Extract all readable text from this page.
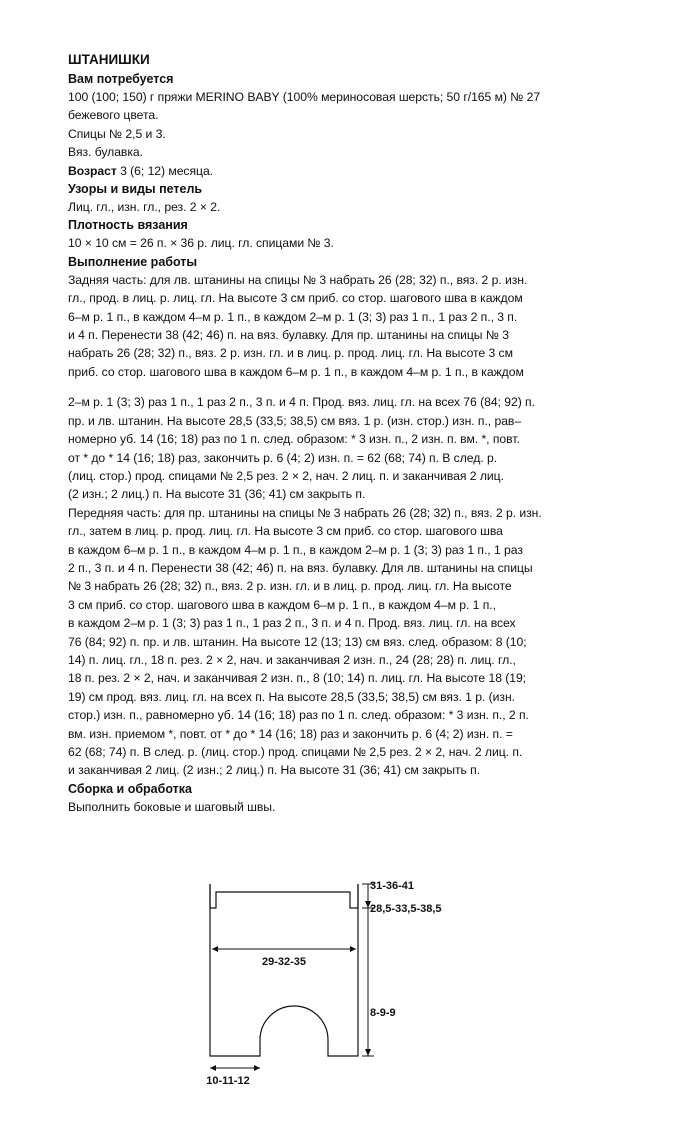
ШТАНИШКИ

Вам потребуется

100 (100; 150) г пряжи MERINO BABY (100% мериносовая шерсть; 50 г/165 м) № 27
бежевого цвета.
Спицы № 2,5 и 3.
Вяз. булавка.

Возраст 3 (6; 12) месяца.

Узоры и виды петель

Лиц. гл., изн. гл., рез. 2 × 2.

Плотность вязания

10 × 10 см = 26 п. × 36 р. лиц. гл. спицами № 3.

Выполнение работы

Задняя часть: для лв. штанины на спицы № 3 набрать 26 (28; 32) п., вяз. 2 р. изн.
гл., прод. в лиц. р. лиц. гл. На высоте 3 см приб. со стор. шагового шва в каждом
6–м р. 1 п., в каждом 4–м р. 1 п., в каждом 2–м р. 1 (3; 3) раз 1 п., 1 раз 2 п., 3 п.
и 4 п. Перенести 38 (42; 46) п. на вяз. булавку. Для пр. штанины на спицы № 3
набрать 26 (28; 32) п., вяз. 2 р. изн. гл. и в лиц. р. прод. лиц. гл. На высоте 3 см
приб. со стор. шагового шва в каждом 6–м р. 1 п., в каждом 4–м р. 1 п., в каждом
2–м р. 1 (3; 3) раз 1 п., 1 раз 2 п., 3 п. и 4 п. Прод. вяз. лиц. гл. на всех 76 (84; 92) п.
пр. и лв. штанин. На высоте 28,5 (33,5; 38,5) см вяз. 1 р. (изн. стор.) изн. п., рав–
номерно уб. 14 (16; 18) раз по 1 п. след. образом: * 3 изн. п., 2 изн. п. вм. *, повт.
от * до * 14 (16; 18) раз, закончить р. 6 (4; 2) изн. п. = 62 (68; 74) п. В след. р.
(лиц. стор.) прод. спицами № 2,5 рез. 2 × 2, нач. 2 лиц. п. и заканчивая 2 лиц.
(2 изн.; 2 лиц.) п. На высоте 31 (36; 41) см закрыть п.
Передняя часть: для пр. штанины на спицы № 3 набрать 26 (28; 32) п., вяз. 2 р. изн.
гл., затем в лиц. р. прод. лиц. гл. На высоте 3 см приб. со стор. шагового шва
в каждом 6–м р. 1 п., в каждом 4–м р. 1 п., в каждом 2–м р. 1 (3; 3) раз 1 п., 1 раз
2 п., 3 п. и 4 п. Перенести 38 (42; 46) п. на вяз. булавку. Для лв. штанины на спицы
№ 3 набрать 26 (28; 32) п., вяз. 2 р. изн. гл. и в лиц. р. прод. лиц. гл. На высоте
3 см приб. со стор. шагового шва в каждом 6–м р. 1 п., в каждом 4–м р. 1 п.,
в каждом 2–м р. 1 (3; 3) раз 1 п., 1 раз 2 п., 3 п. и 4 п. Прод. вяз. лиц. гл. на всех
76 (84; 92) п. пр. и лв. штанин. На высоте 12 (13; 13) см вяз. след. образом: 8 (10;
14) п. лиц. гл., 18 п. рез. 2 × 2, нач. и заканчивая 2 изн. п., 24 (28; 28) п. лиц. гл.,
18 п. рез. 2 × 2, нач. и заканчивая 2 изн. п., 8 (10; 14) п. лиц. гл. На высоте 18 (19;
19) см прод. вяз. лиц. гл. на всех п. На высоте 28,5 (33,5; 38,5) см вяз. 1 р. (изн.
стор.) изн. п., равномерно уб. 14 (16; 18) раз по 1 п. след. образом: * 3 изн. п., 2 п.
вм. изн. приемом *, повт. от * до * 14 (16; 18) раз и закончить р. 6 (4; 2) изн. п. =
62 (68; 74) п. В след. р. (лиц. стор.) прод. спицами № 2,5 рез. 2 × 2, нач. 2 лиц. п.
и заканчивая 2 лиц. (2 изн.; 2 лиц.) п. На высоте 31 (36; 41) см закрыть п.

Сборка и обработка

Выполнить боковые и шаговый швы.
29-32-35
31-36-41
28,5-33,5-38,5
8-9-9
10-11-12
